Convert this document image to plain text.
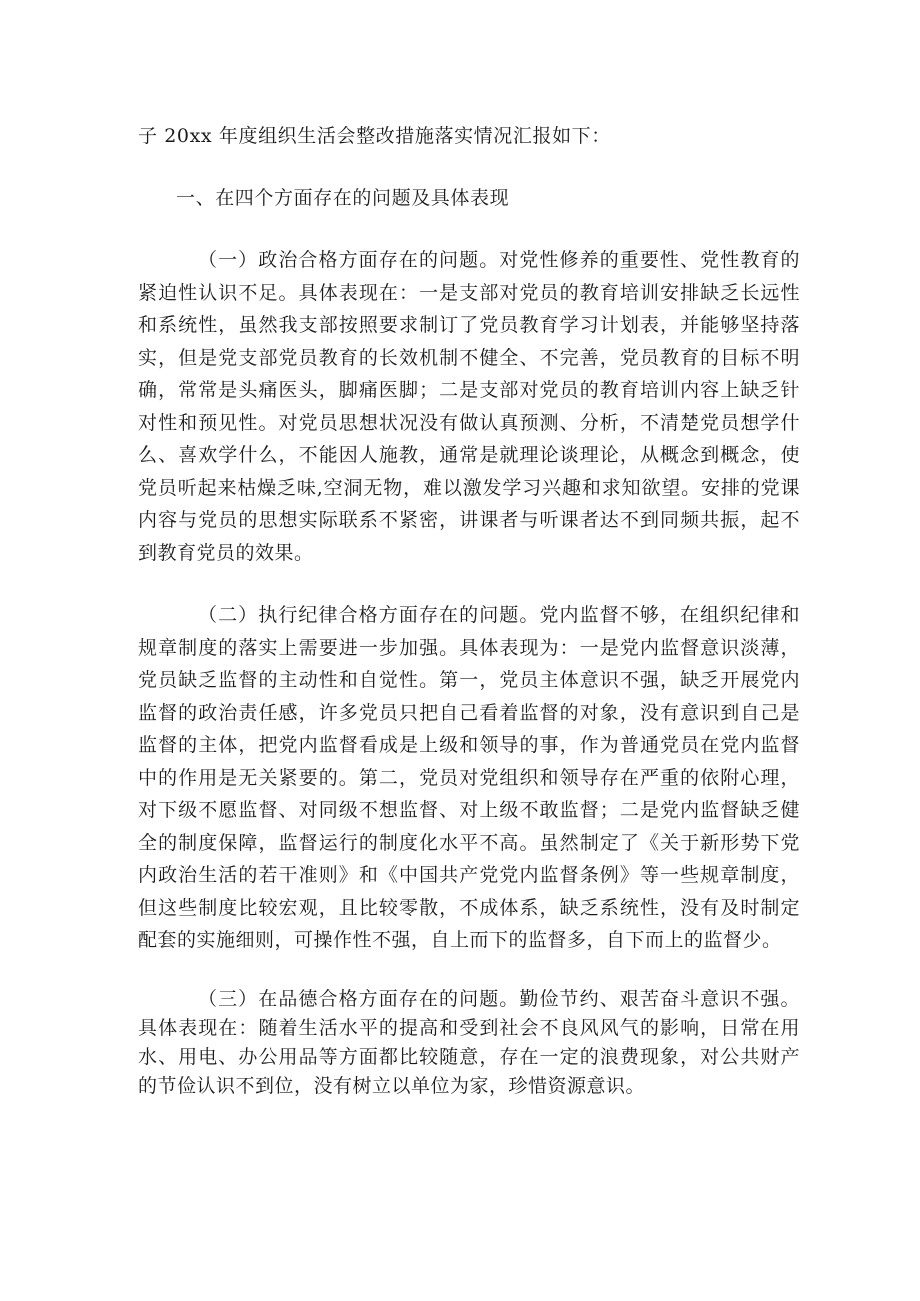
子 20xx 年度组织生活会整改措施落实情况汇报如下：

一、在四个方面存在的问题及具体表现

（一）政治合格方面存在的问题。对党性修养的重要性、党性教育的紧迫性认识不足。具体表现在：一是支部对党员的教育培训安排缺乏长远性和系统性，虽然我支部按照要求制订了党员教育学习计划表，并能够坚持落实，但是党支部党员教育的长效机制不健全、不完善，党员教育的目标不明确，常常是头痛医头，脚痛医脚；二是支部对党员的教育培训内容上缺乏针对性和预见性。对党员思想状况没有做认真预测、分析，不清楚党员想学什么、喜欢学什么，不能因人施教，通常是就理论谈理论，从概念到概念，使党员听起来枯燥乏味,空洞无物，难以激发学习兴趣和求知欲望。安排的党课内容与党员的思想实际联系不紧密，讲课者与听课者达不到同频共振，起不到教育党员的效果。

（二）执行纪律合格方面存在的问题。党内监督不够，在组织纪律和规章制度的落实上需要进一步加强。具体表现为：一是党内监督意识淡薄，党员缺乏监督的主动性和自觉性。第一，党员主体意识不强，缺乏开展党内监督的政治责任感，许多党员只把自己看着监督的对象，没有意识到自己是监督的主体，把党内监督看成是上级和领导的事，作为普通党员在党内监督中的作用是无关紧要的。第二，党员对党组织和领导存在严重的依附心理，对下级不愿监督、对同级不想监督、对上级不敢监督；二是党内监督缺乏健全的制度保障，监督运行的制度化水平不高。虽然制定了《关于新形势下党内政治生活的若干准则》和《中国共产党党内监督条例》等一些规章制度，但这些制度比较宏观，且比较零散，不成体系，缺乏系统性，没有及时制定配套的实施细则，可操作性不强，自上而下的监督多，自下而上的监督少。

（三）在品德合格方面存在的问题。勤俭节约、艰苦奋斗意识不强。具体表现在：随着生活水平的提高和受到社会不良风风气的影响，日常在用水、用电、办公用品等方面都比较随意，存在一定的浪费现象，对公共财产的节俭认识不到位，没有树立以单位为家，珍惜资源意识。
